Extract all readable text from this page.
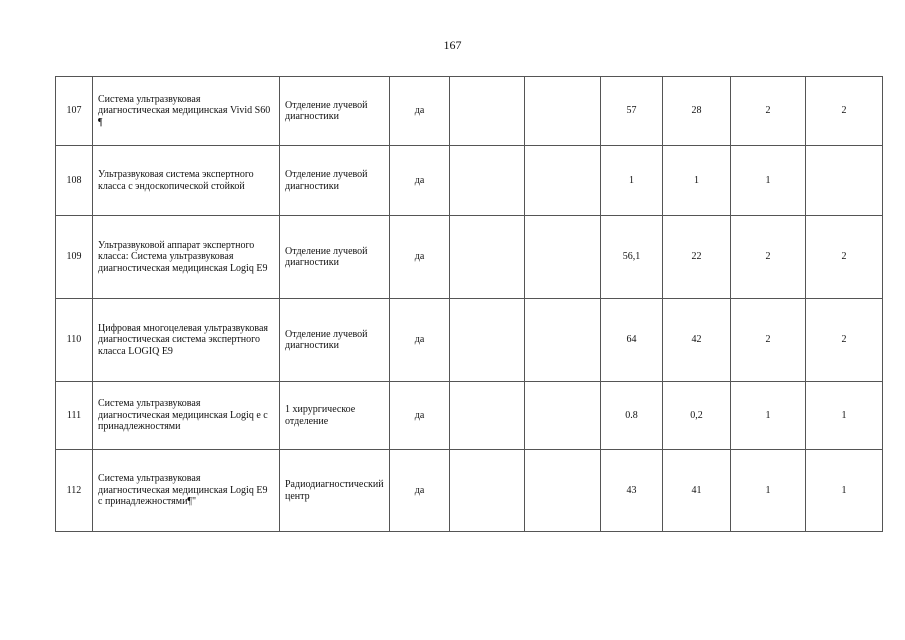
167
107	Система ультразвуковая диагностическая медицинская Vivid S60 ¶	Отделение лучевой диагностики	да			57	28	2	2
108	Ультразвуковая система экспертного класса с эндоскопической стойкой	Отделение лучевой диагностики	да			1	1	1	
109	Ультразвуковой аппарат экспертного класса: Система ультразвуковая диагностическая медицинская Logiq E9	Отделение лучевой диагностики	да			56,1	22	2	2
110	Цифровая многоцелевая ультразвуковая диагностическая система экспертного класса LOGIQ E9	Отделение лучевой диагностики	да			64	42	2	2
111	Система ультразвуковая диагностическая медицинская Logiq e с принадлежностями	1 хирургическое отделение	да			0.8	0,2	1	1
112	Система ультразвуковая диагностическая медицинская Logiq E9 с принадлежностями¶"	Радиодиагностический центр	да			43	41	1	1
